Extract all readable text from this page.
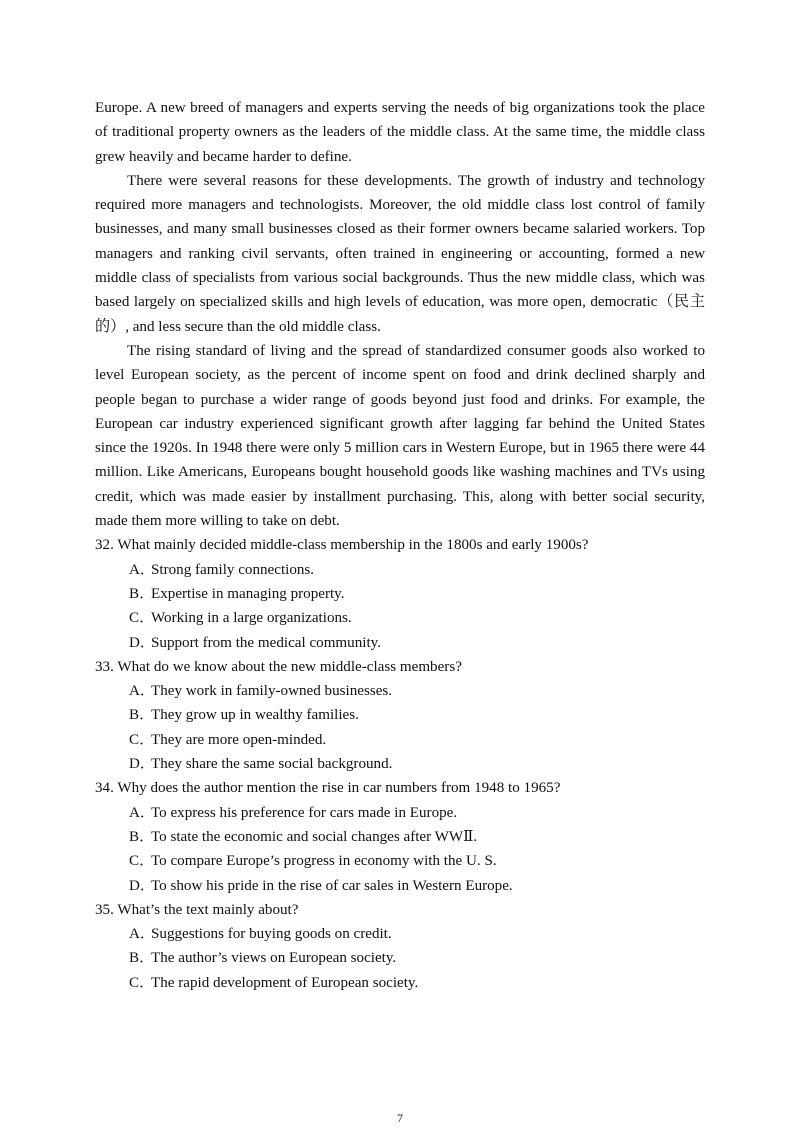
Europe. A new breed of managers and experts serving the needs of big organizations took the place of traditional property owners as the leaders of the middle class. At the same time, the middle class grew heavily and became harder to define.

There were several reasons for these developments. The growth of industry and technology required more managers and technologists. Moreover, the old middle class lost control of family businesses, and many small businesses closed as their former owners became salaried workers. Top managers and ranking civil servants, often trained in engineering or accounting, formed a new middle class of specialists from various social backgrounds. Thus the new middle class, which was based largely on specialized skills and high levels of education, was more open, democratic（民主的）, and less secure than the old middle class.

The rising standard of living and the spread of standardized consumer goods also worked to level European society, as the percent of income spent on food and drink declined sharply and people began to purchase a wider range of goods beyond just food and drinks. For example, the European car industry experienced significant growth after lagging far behind the United States since the 1920s. In 1948 there were only 5 million cars in Western Europe, but in 1965 there were 44 million. Like Americans, Europeans bought household goods like washing machines and TVs using credit, which was made easier by installment purchasing. This, along with better social security, made them more willing to take on debt.

32. What mainly decided middle-class membership in the 1800s and early 1900s?

A．Strong family connections.
B．Expertise in managing property.
C．Working in a large organizations.
D．Support from the medical community.

33. What do we know about the new middle-class members?

A．They work in family-owned businesses.
B．They grow up in wealthy families.
C．They are more open-minded.
D．They share the same social background.

34. Why does the author mention the rise in car numbers from 1948 to 1965?

A．To express his preference for cars made in Europe.
B．To state the economic and social changes after WWⅡ.
C．To compare Europe’s progress in economy with the U. S.
D．To show his pride in the rise of car sales in Western Europe.

35. What’s the text mainly about?

A．Suggestions for buying goods on credit.
B．The author’s views on European society.
C．The rapid development of European society.
7
